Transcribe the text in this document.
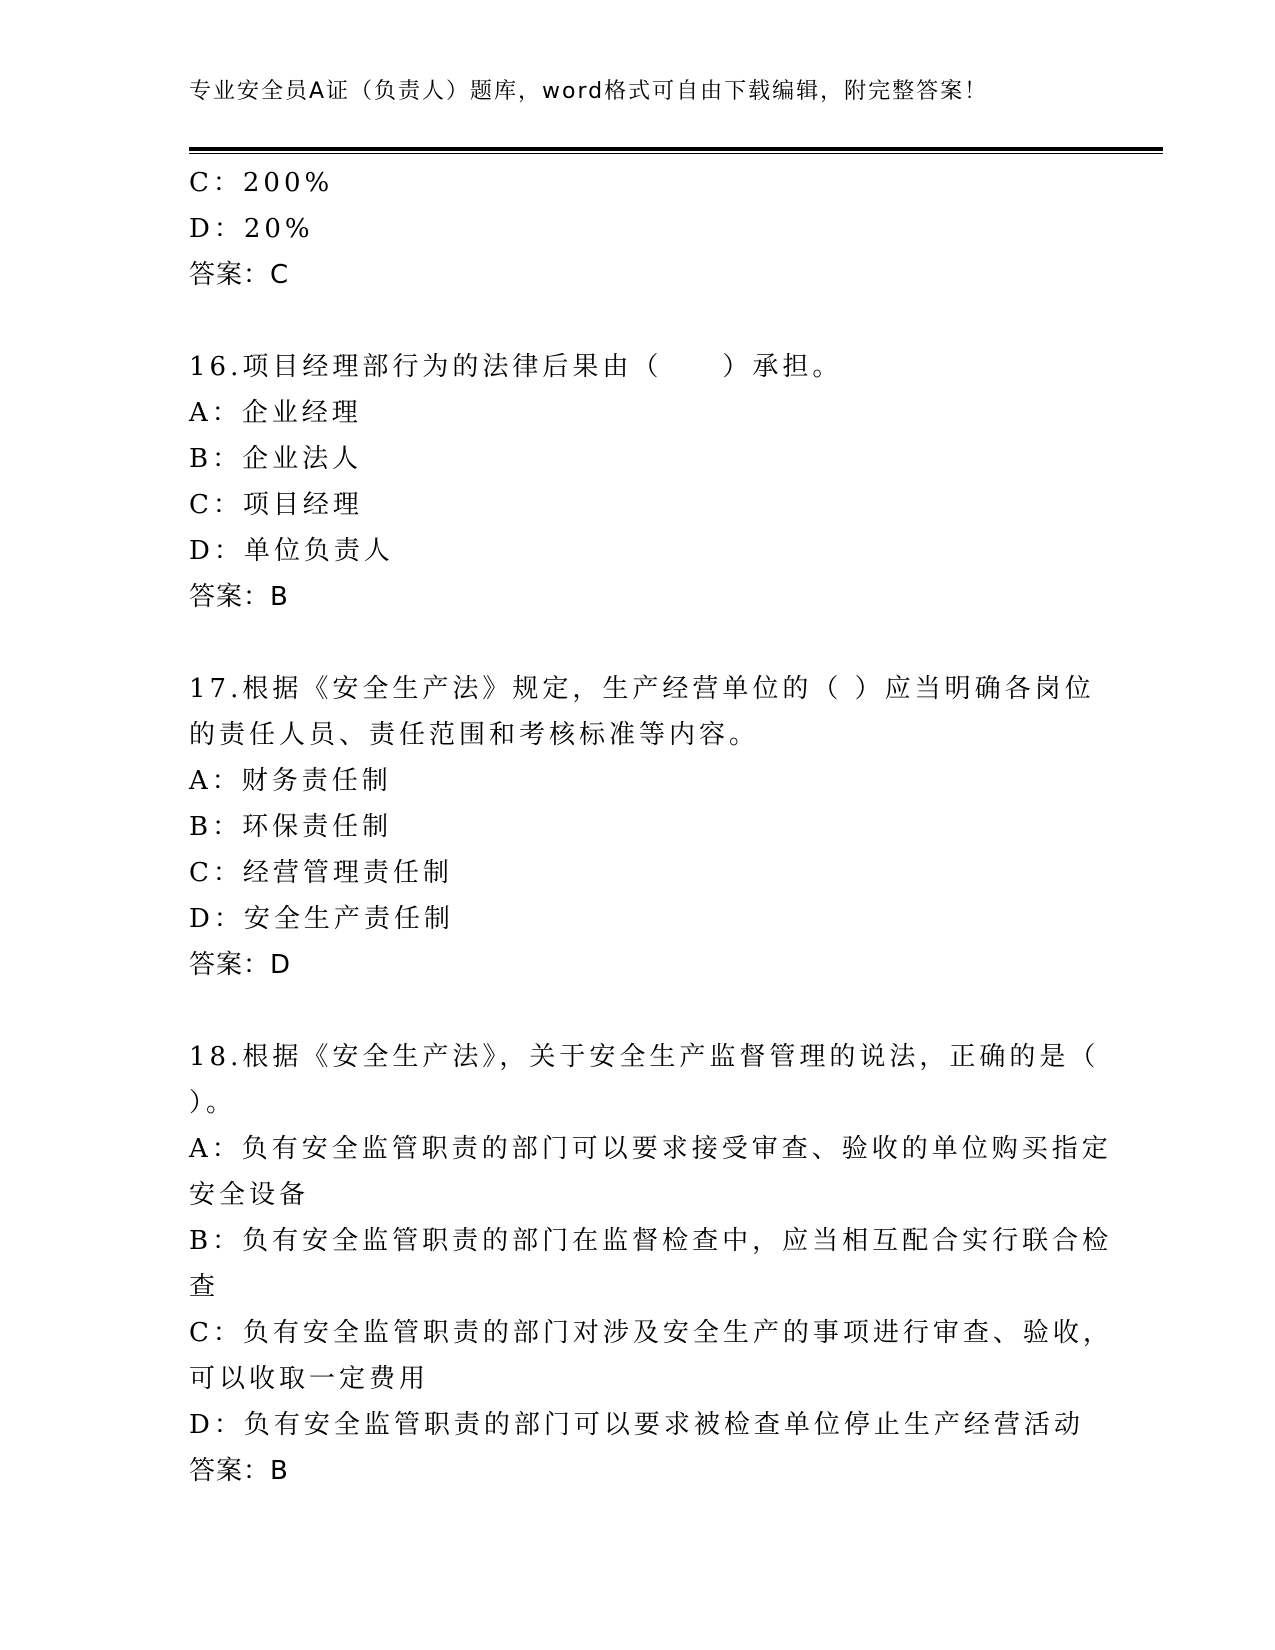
专业安全员A证（负责人）题库，word格式可自由下载编辑，附完整答案！
C：200%
D：20%
答案：C
16.项目经理部行为的法律后果由（　　）承担。
A：企业经理
B：企业法人
C：项目经理
D：单位负责人
答案：B
17.根据《安全生产法》规定，生产经营单位的（ ）应当明确各岗位
的责任人员、责任范围和考核标准等内容。
A：财务责任制
B：环保责任制
C：经营管理责任制
D：安全生产责任制
答案：D
18.根据《安全生产法》，关于安全生产监督管理的说法，正确的是（
）。
A：负有安全监管职责的部门可以要求接受审查、验收的单位购买指定
安全设备
B：负有安全监管职责的部门在监督检查中，应当相互配合实行联合检
查
C：负有安全监管职责的部门对涉及安全生产的事项进行审查、验收，
可以收取一定费用
D：负有安全监管职责的部门可以要求被检查单位停止生产经营活动
答案：B
